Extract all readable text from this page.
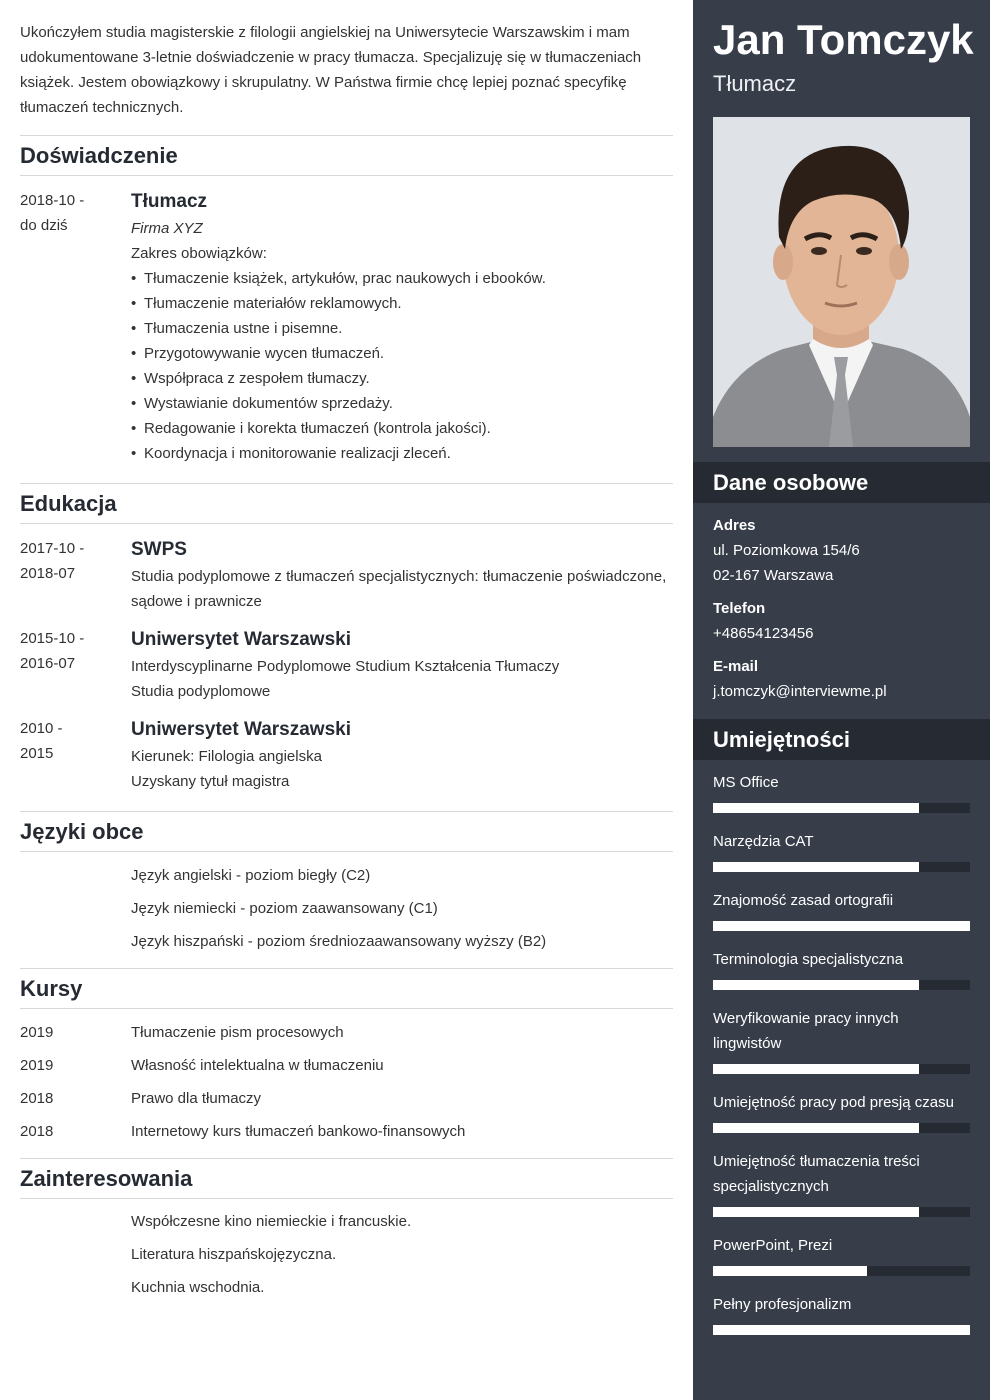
Ukończyłem studia magisterskie z filologii angielskiej na Uniwersytecie Warszawskim i mam udokumentowane 3-letnie doświadczenie w pracy tłumacza. Specjalizuję się w tłumaczeniach książek. Jestem obowiązkowy i skrupulatny. W Państwa firmie chcę lepiej poznać specyfikę tłumaczeń technicznych.

Doświadczenie
2018-10 -
do dziś
Tłumacz
Firma XYZ
Zakres obowiązków:
• Tłumaczenie książek, artykułów, prac naukowych i ebooków.
• Tłumaczenie materiałów reklamowych.
• Tłumaczenia ustne i pisemne.
• Przygotowywanie wycen tłumaczeń.
• Współpraca z zespołem tłumaczy.
• Wystawianie dokumentów sprzedaży.
• Redagowanie i korekta tłumaczeń (kontrola jakości).
• Koordynacja i monitorowanie realizacji zleceń.
Edukacja
2017-10 -
2018-07
SWPS
Studia podyplomowe z tłumaczeń specjalistycznych: tłumaczenie poświadczone, sądowe i prawnicze
2015-10 -
2016-07
Uniwersytet Warszawski
Interdyscyplinarne Podyplomowe Studium Kształcenia Tłumaczy
Studia podyplomowe
2010 -
2015
Uniwersytet Warszawski
Kierunek: Filologia angielska
Uzyskany tytuł magistra
Języki obce
Język angielski - poziom biegły (C2)
Język niemiecki - poziom zaawansowany (C1)
Język hiszpański - poziom średniozaawansowany wyższy (B2)
Kursy
2019	Tłumaczenie pism procesowych
2019	Własność intelektualna w tłumaczeniu
2018	Prawo dla tłumaczy
2018	Internetowy kurs tłumaczeń bankowo-finansowych
Zainteresowania
Współczesne kino niemieckie i francuskie.
Literatura hiszpańskojęzyczna.
Kuchnia wschodnia.
Jan Tomczyk
Tłumacz
Dane osobowe
Adres
ul. Poziomkowa 154/6
02-167 Warszawa
Telefon
+48654123456
E-mail
j.tomczyk@interviewme.pl
Umiejętności
MS Office
Narzędzia CAT
Znajomość zasad ortografii
Terminologia specjalistyczna
Weryfikowanie pracy innych lingwistów
Umiejętność pracy pod presją czasu
Umiejętność tłumaczenia treści specjalistycznych
PowerPoint, Prezi
Pełny profesjonalizm
